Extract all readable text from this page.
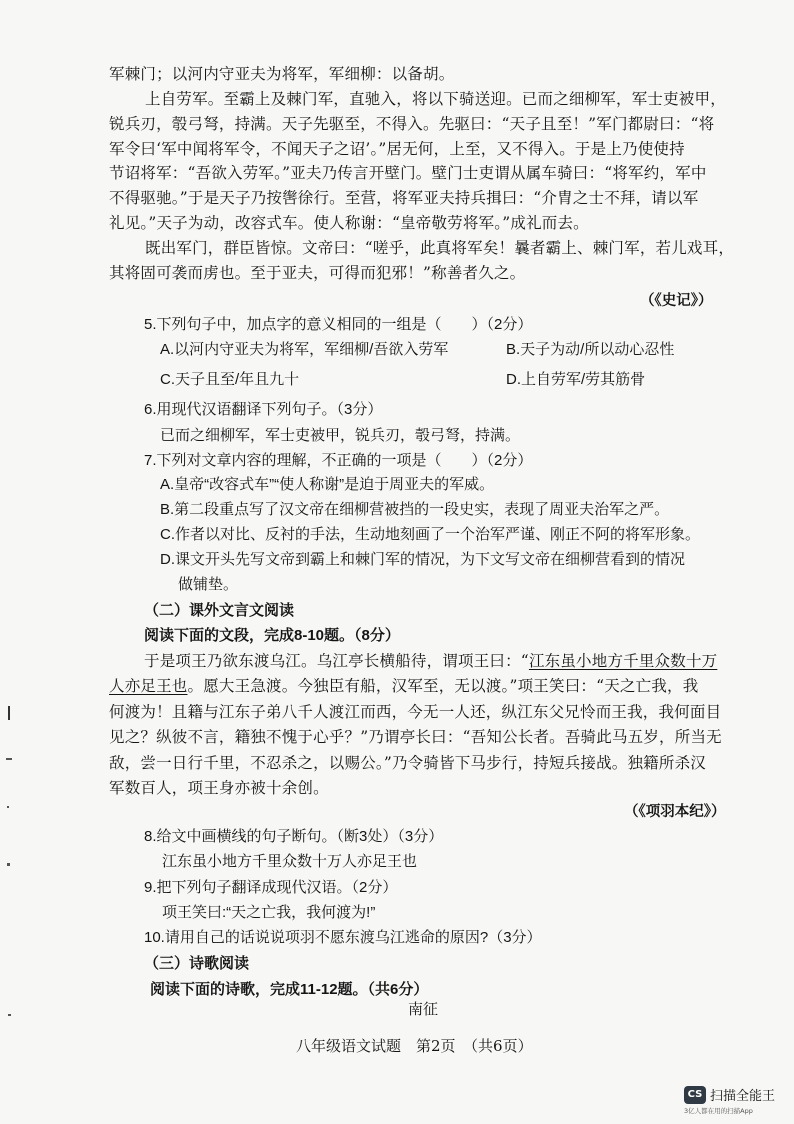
军棘门；以河内守亚夫为将军，军细柳：以备胡。
上自劳军。至霸上及棘门军，直驰入，将以下骑送迎。已而之细柳军，军士吏被甲，
锐兵刃，彀弓弩，持满。天子先驱至，不得入。先驱曰：“天子且至！”军门都尉曰：“将
军令曰‘军中闻将军令，不闻天子之诏’。”居无何，上至，又不得入。于是上乃使使持
节诏将军：“吾欲入劳军。”亚夫乃传言开壁门。壁门士吏谓从属车骑曰：“将军约，军中
不得驱驰。”于是天子乃按辔徐行。至营，将军亚夫持兵揖曰：“介胄之士不拜，请以军
礼见。”天子为动，改容式车。使人称谢：“皇帝敬劳将军。”成礼而去。
既出军门，群臣皆惊。文帝曰：“嗟乎，此真将军矣！曩者霸上、棘门军，若儿戏耳，
其将固可袭而虏也。至于亚夫，可得而犯邪！”称善者久之。
（《史记》）
5.下列句子中，加点字的意义相同的一组是（　　）（2分）
A.以河内守亚夫为将军，军细柳/吾欲入劳军	B.天子为动/所以动心忍性
C.天子且至/年且九十	D.上自劳军/劳其筋骨
6.用现代汉语翻译下列句子。（3分）
已而之细柳军，军士吏被甲，锐兵刃，彀弓弩，持满。
7.下列对文章内容的理解，不正确的一项是（　　）（2分）
A.皇帝“改容式车”“使人称谢”是迫于周亚夫的军威。
B.第二段重点写了汉文帝在细柳营被挡的一段史实，表现了周亚夫治军之严。
C.作者以对比、反衬的手法，生动地刻画了一个治军严谨、刚正不阿的将军形象。
D.课文开头先写文帝到霸上和棘门军的情况，为下文写文帝在细柳营看到的情况
做铺垫。
（二）课外文言文阅读
阅读下面的文段，完成8-10题。（8分）
于是项王乃欲东渡乌江。乌江亭长横船待，谓项王曰：“江东虽小地方千里众数十万
人亦足王也。愿大王急渡。今独臣有船，汉军至，无以渡。”项王笑曰：“天之亡我，我
何渡为！且籍与江东子弟八千人渡江而西，今无一人还，纵江东父兄怜而王我，我何面目
见之？纵彼不言，籍独不愧于心乎？”乃谓亭长曰：“吾知公长者。吾骑此马五岁，所当无
敌，尝一日行千里，不忍杀之，以赐公。”乃令骑皆下马步行，持短兵接战。独籍所杀汉
军数百人，项王身亦被十余创。
（《项羽本纪》）
8.给文中画横线的句子断句。（断3处）（3分）
江东虽小地方千里众数十万人亦足王也
9.把下列句子翻译成现代汉语。（2分）
项王笑曰:“天之亡我，我何渡为!”
10.请用自己的话说说项羽不愿东渡乌江逃命的原因?（3分）
（三）诗歌阅读
阅读下面的诗歌，完成11-12题。（共6分）
南征
八年级语文试题　第2页　（共6页）
CS 扫描全能王
3亿人都在用的扫描App
